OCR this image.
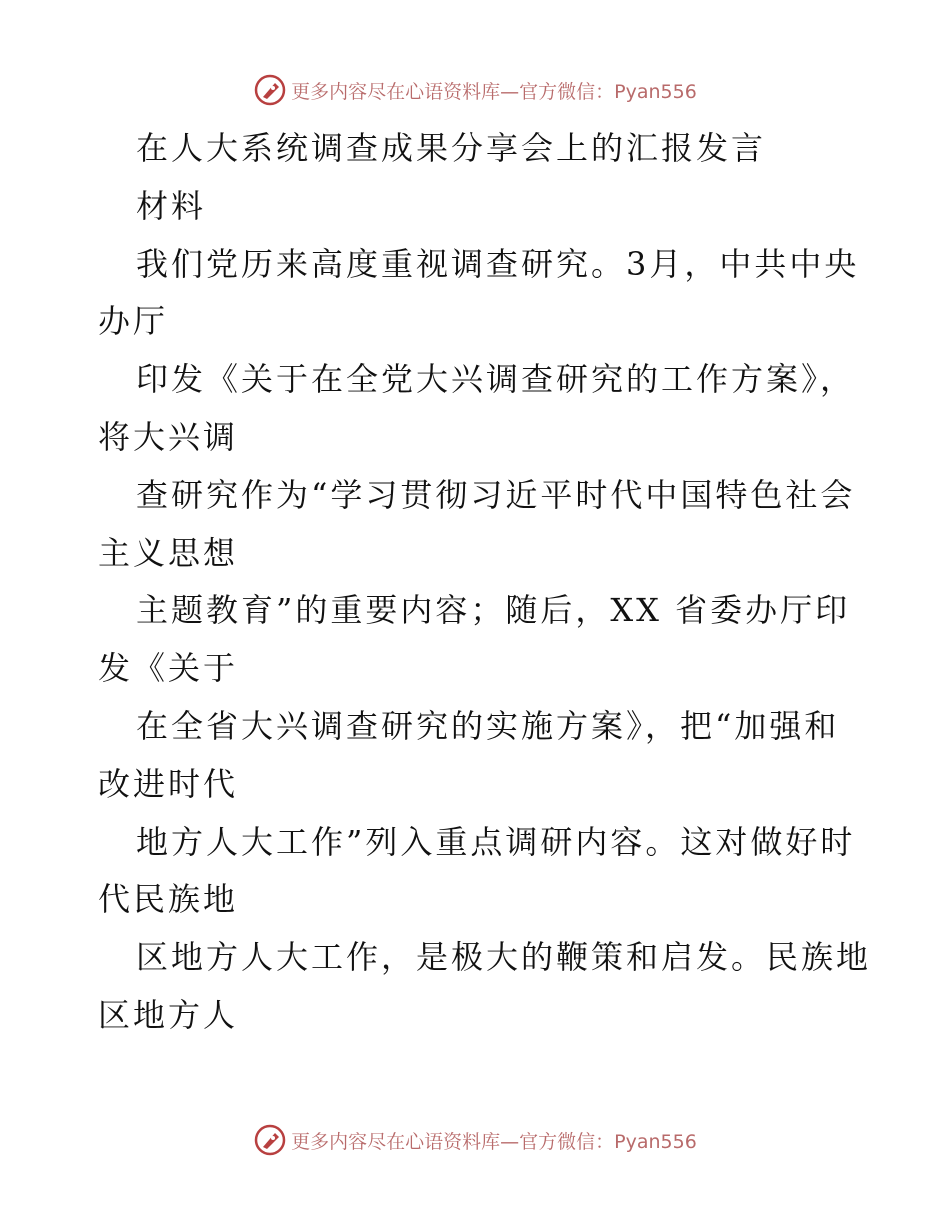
更多内容尽在心语资料库—官方微信：Pyan556
在人大系统调查成果分享会上的汇报发言
材料
我们党历来高度重视调查研究。3月，中共中央
办厅
印发《关于在全党大兴调查研究的工作方案》，
将大兴调
查研究作为“学习贯彻习近平时代中国特色社会
主义思想
主题教育”的重要内容；随后，XX 省委办厅印
发《关于
在全省大兴调查研究的实施方案》，把“加强和
改进时代
地方人大工作”列入重点调研内容。这对做好时
代民族地
区地方人大工作，是极大的鞭策和启发。民族地
区地方人
更多内容尽在心语资料库—官方微信：Pyan556
